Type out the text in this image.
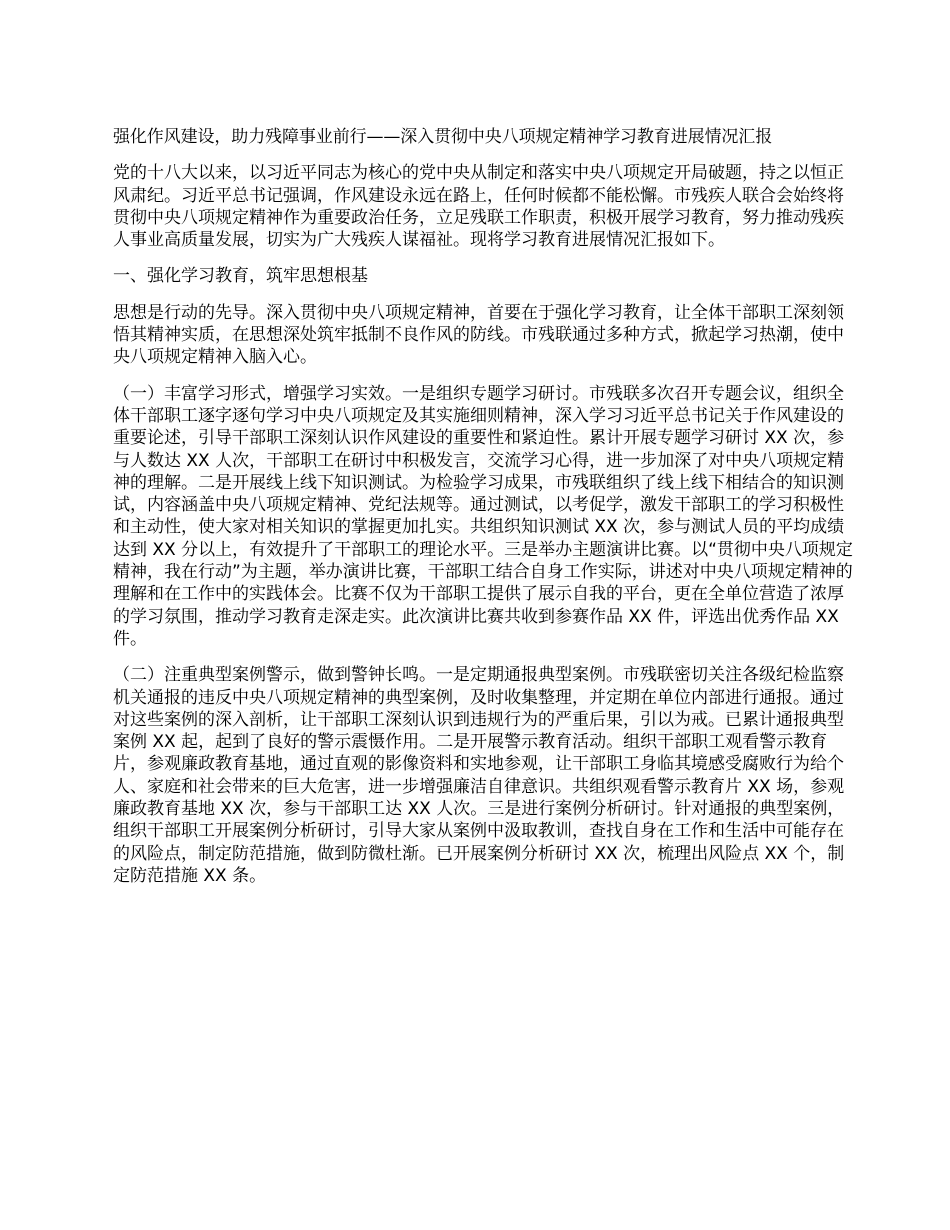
强化作风建设，助力残障事业前行——深入贯彻中央八项规定精神学习教育进展情况汇报

党的十八大以来，以习近平同志为核心的党中央从制定和落实中央八项规定开局破题，持之以恒正风肃纪。习近平总书记强调，作风建设永远在路上，任何时候都不能松懈。市残疾人联合会始终将贯彻中央八项规定精神作为重要政治任务，立足残联工作职责，积极开展学习教育，努力推动残疾人事业高质量发展，切实为广大残疾人谋福祉。现将学习教育进展情况汇报如下。

一、强化学习教育，筑牢思想根基

思想是行动的先导。深入贯彻中央八项规定精神，首要在于强化学习教育，让全体干部职工深刻领悟其精神实质，在思想深处筑牢抵制不良作风的防线。市残联通过多种方式，掀起学习热潮，使中央八项规定精神入脑入心。

（一）丰富学习形式，增强学习实效。一是组织专题学习研讨。市残联多次召开专题会议，组织全体干部职工逐字逐句学习中央八项规定及其实施细则精神，深入学习习近平总书记关于作风建设的重要论述，引导干部职工深刻认识作风建设的重要性和紧迫性。累计开展专题学习研讨 XX 次，参与人数达 XX 人次，干部职工在研讨中积极发言，交流学习心得，进一步加深了对中央八项规定精神的理解。二是开展线上线下知识测试。为检验学习成果，市残联组织了线上线下相结合的知识测试，内容涵盖中央八项规定精神、党纪法规等。通过测试，以考促学，激发干部职工的学习积极性和主动性，使大家对相关知识的掌握更加扎实。共组织知识测试 XX 次，参与测试人员的平均成绩达到 XX 分以上，有效提升了干部职工的理论水平。三是举办主题演讲比赛。以“贯彻中央八项规定精神，我在行动”为主题，举办演讲比赛，干部职工结合自身工作实际，讲述对中央八项规定精神的理解和在工作中的实践体会。比赛不仅为干部职工提供了展示自我的平台，更在全单位营造了浓厚的学习氛围，推动学习教育走深走实。此次演讲比赛共收到参赛作品 XX 件，评选出优秀作品 XX 件。

（二）注重典型案例警示，做到警钟长鸣。一是定期通报典型案例。市残联密切关注各级纪检监察机关通报的违反中央八项规定精神的典型案例，及时收集整理，并定期在单位内部进行通报。通过对这些案例的深入剖析，让干部职工深刻认识到违规行为的严重后果，引以为戒。已累计通报典型案例 XX 起，起到了良好的警示震慑作用。二是开展警示教育活动。组织干部职工观看警示教育片，参观廉政教育基地，通过直观的影像资料和实地参观，让干部职工身临其境感受腐败行为给个人、家庭和社会带来的巨大危害，进一步增强廉洁自律意识。共组织观看警示教育片 XX 场，参观廉政教育基地 XX 次，参与干部职工达 XX 人次。三是进行案例分析研讨。针对通报的典型案例，组织干部职工开展案例分析研讨，引导大家从案例中汲取教训，查找自身在工作和生活中可能存在的风险点，制定防范措施，做到防微杜渐。已开展案例分析研讨 XX 次，梳理出风险点 XX 个，制定防范措施 XX 条。
